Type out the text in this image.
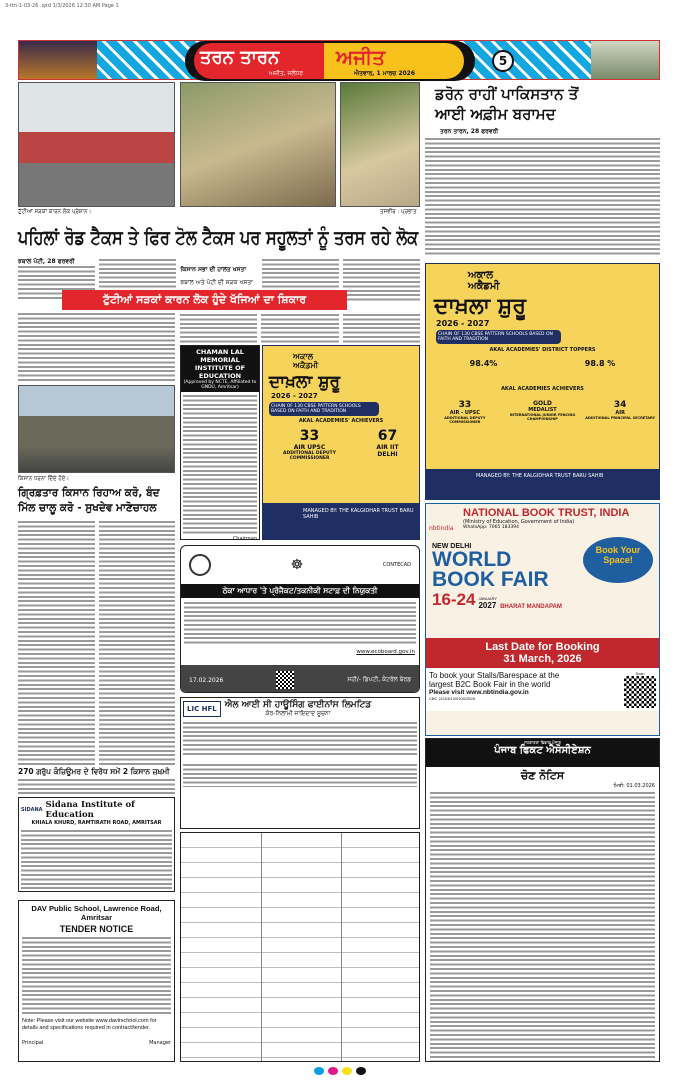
3-ttn-1-03-26 .qxd 1/3/2026 12:30 AM Page 1
ਤਰਨ ਤਾਰਨ	ਅਜੀਤ
ਅਜੀਤ, ਜਲੰਧਰ	ਐਤਵਾਰ, 1 ਮਾਰਚ 2026
5
ਟੁੱਟੀਆਂ ਸੜਕਾਂ ਕਾਰਨ ਲੋਕ ਪ੍ਰੇਸ਼ਾਨ।	ਤਸਵੀਰ : ਪ੍ਰਭਾਤ
ਡਰੋਨ ਰਾਹੀਂ ਪਾਕਿਸਤਾਨ ਤੋਂ ਆਈ ਅਫ਼ੀਮ ਬਰਾਮਦ
ਤਰਨ ਤਾਰਨ, 28 ਫਰਵਰੀ
ਪਹਿਲਾਂ ਰੋਡ ਟੈਕਸ ਤੇ ਫਿਰ ਟੋਲ ਟੈਕਸ ਪਰ ਸਹੂਲਤਾਂ ਨੂੰ ਤਰਸ ਰਹੇ ਲੋਕ
ਝਬਾਲ ਪੱਟੀ, 28 ਫਰਵਰੀ
ਕਿਸਾਨ ਸਭਾ ਦੀ ਹਾਲਤ ਖਸਤਾ
ਝਬਾਲ ਅਤੇ ਪੱਟੀ ਦੀ ਸੜਕ ਖਸਤਾ
ਟੁੱਟੀਆਂ ਸੜਕਾਂ ਕਾਰਨ ਲੋਕ ਹੁੰਦੇ ਖੱਜਿਆਂ ਦਾ ਸ਼ਿਕਾਰ
ਕਿਸਾਨ ਧਰਨਾ ਦਿੰਦੇ ਹੋਏ।
ਗ੍ਰਿਫ਼ਤਾਰ ਕਿਸਾਨ ਰਿਹਾਅ ਕਰੋ, ਬੰਦ ਮਿੱਲ ਚਾਲੂ ਕਰੋ - ਸੁਖਦੇਵ ਮਾਣੋਚਾਹਲ
270 ਗਰੁੱਪ ਕੰਜ਼ਿਊਮਰ ਦੇ ਵਿਰੋਧ ਸਮੇਂ 2 ਕਿਸਾਨ ਜ਼ਖ਼ਮੀ
SIDANA Sidana Institute of Education
KHIALA KHURD, RAMTIRATH ROAD, AMRITSAR
DAV Public School, Lawrence Road, Amritsar
TENDER NOTICE
Note: Please visit our website www.davlrschool.com for details and specifications required in contract/tender.
Principal	Manager
CHAMAN LAL MEMORIAL INSTITUTE OF EDUCATION
(Approved by NCTE, Affiliated to GNDU, Amritsar)
Chairman
ਅਕਾਲ ਅਕੈਡਮੀ
ਦਾਖ਼ਲਾ ਸ਼ੁਰੂ
2026 - 2027
CHAIN OF 130 CBSE PATTERN SCHOOLS BASED ON FAITH AND TRADITION
AKAL ACADEMIES' ACHIEVERS
33
AIR UPSC
ADDITIONAL DEPUTY COMMISSIONER
67
AIR IIT DELHI
MANAGED BY: THE KALGIDHAR TRUST BARU SAHIB
☸	CONTECAD
ਠੇਕਾ ਆਧਾਰ 'ਤੇ ਪ੍ਰੋਜੈਕਟ/ਤਕਨੀਕੀ ਸਟਾਫ਼ ਦੀ ਨਿਯੁਕਤੀ
www.ecoboard.gov.in
17.02.2026	ਸਹੀ/- ਡਿਪਟੀ, ਕੰਟਰੋਲ ਬੋਰਡ
LIC HFL ਐਲ ਆਈ ਸੀ ਹਾਊਸਿੰਗ ਫਾਈਨਾਂਸ ਲਿਮਟਿਡ
ਕੋਰ-ਨਿਲਾਮੀ ਜਾਇਦਾਦ ਸੂਚਨਾ
ਅਕਾਲ ਅਕੈਡਮੀ
ਦਾਖ਼ਲਾ ਸ਼ੁਰੂ
2026 - 2027
CHAIN OF 130 CBSE PATTERN SCHOOLS BASED ON FAITH AND TRADITION
AKAL ACADEMIES' DISTRICT TOPPERS
98.4%	98.8 %
AKAL ACADEMIES ACHIEVERS
33
AIR - UPSC
ADDITIONAL DEPUTY COMMISSIONER
GOLD
MEDALIST
INTERNATIONAL JUNIOR FENCING CHAMPIONSHIP
34
AIR
ADDITIONAL PRINCIPAL SECRETARY
MANAGED BY: THE KALGIDHAR TRUST BARU SAHIB
nbtindia
NATIONAL BOOK TRUST, INDIA
(Ministry of Education, Government of India)
WhatsApp: 7065 183394
NEW DELHI
WORLD
BOOK FAIR
16-24 JANUARY
2027 BHARAT MANDAPAM
Book Your Space!
Last Date for Booking
31 March, 2026
To book your Stalls/Barespace at the
largest B2C Book Fair in the world
Please visit www.nbtindia.gov.in
CBC 21103/12/0100/2526
Scan
ਸਹਕਾਰਤਾ ਵਿਭਾਗ ਪੰਜਾਬ
ਪੰਜਾਬ ਫਿਕਟ ਐਸੋਸੀਏਸ਼ਨ
ਚੋਣ ਨੋਟਿਸ
ਮਿਤੀ: 01.03.2026
